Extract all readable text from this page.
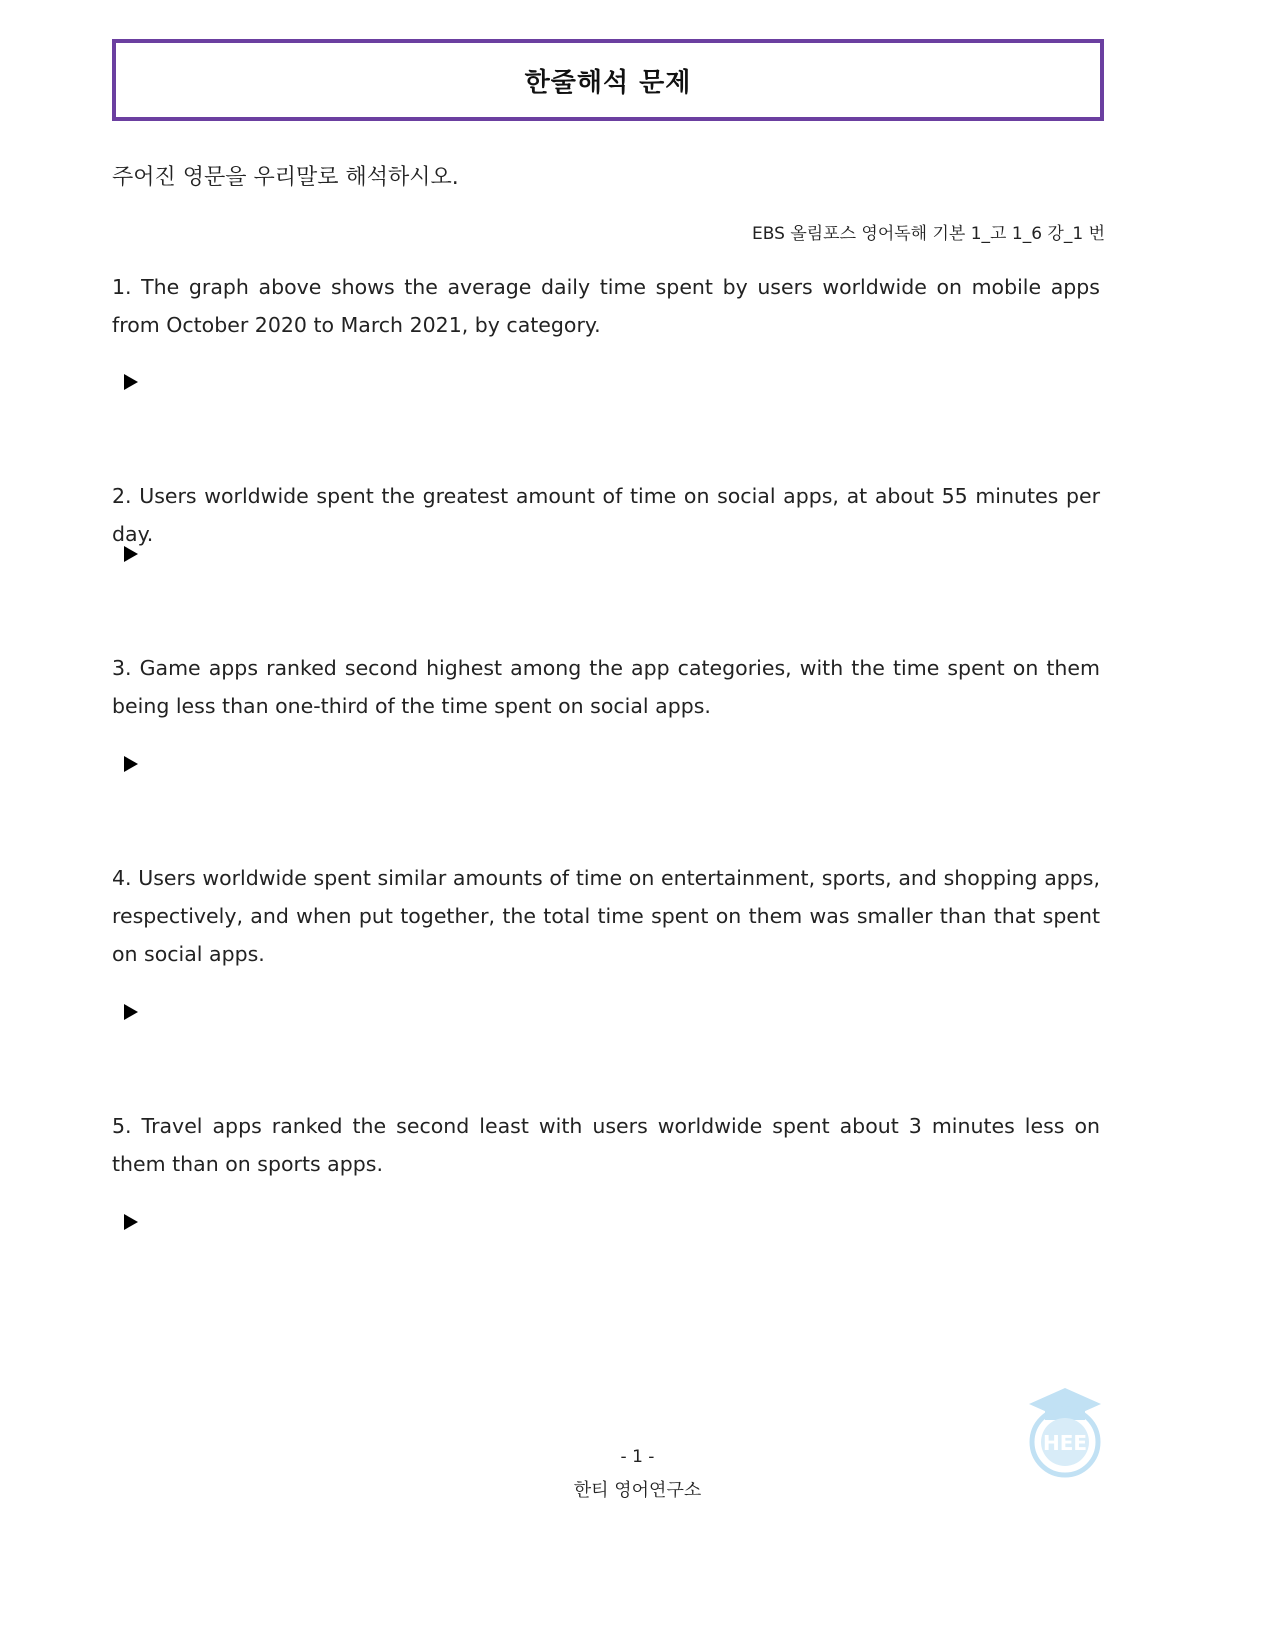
한줄해석 문제
주어진 영문을 우리말로 해석하시오.
EBS 올림포스 영어독해 기본 1_고 1_6 강_1 번

1. The graph above shows the average daily time spent by users worldwide on mobile apps from October 2020 to March 2021, by category.

2. Users worldwide spent the greatest amount of time on social apps, at about 55 minutes per day.

3. Game apps ranked second highest among the app categories, with the time spent on them being less than one-third of the time spent on social apps.

4. Users worldwide spent similar amounts of time on entertainment, sports, and shopping apps, respectively, and when put together, the total time spent on them was smaller than that spent on social apps.

5. Travel apps ranked the second least with users worldwide spent about 3 minutes less on them than on sports apps.

- 1 -
한티 영어연구소
HEE
